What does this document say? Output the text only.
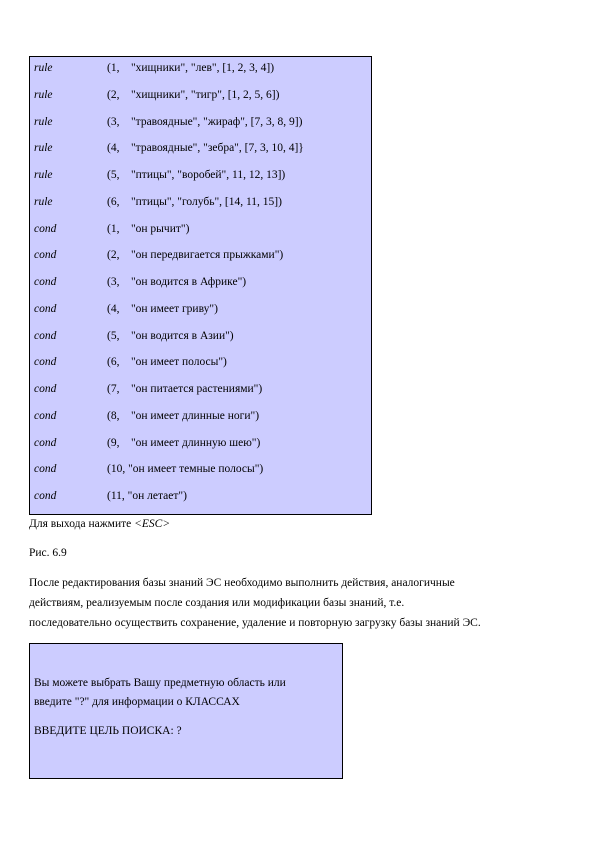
rule	(1,    "хищники", "лев", [1, 2, 3, 4])
rule	(2,    "хищники", "тигр", [1, 2, 5, 6])
rule	(3,    "травоядные", "жираф", [7, 3, 8, 9])
rule	(4,    "травоядные", "зебра", [7, 3, 10, 4]}
rule	(5,    "птицы", "воробей", 11, 12, 13])
rule	(6,    "птицы", "голубь", [14, 11, 15])
cond	(1,    "он рычит")
cond	(2,    "он передвигается прыжками")
cond	(3,    "он водится в Африке")
cond	(4,    "он имеет гриву")
cond	(5,    "он водится в Азии")
cond	(6,    "он имеет полосы")
cond	(7,    "он питается растениями")
cond	(8,    "он имеет длинные ноги")
cond	(9,    "он имеет длинную шею")
cond	(10, "он имеет темные полосы")
cond	(11, "он летает")
Для выхода нажмите <ESC>
Рис. 6.9
После редактирования базы знаний ЭС необходимо выполнить действия, аналогичные
действиям, реализуемым после создания или модификации базы знаний, т.е.
последовательно осуществить сохранение, удаление и повторную загрузку базы знаний ЭС.
Вы можете выбрать Вашу предметную область или
введите "?" для информации о КЛАССАХ
ВВЕДИТЕ ЦЕЛЬ ПОИСКА: ?
